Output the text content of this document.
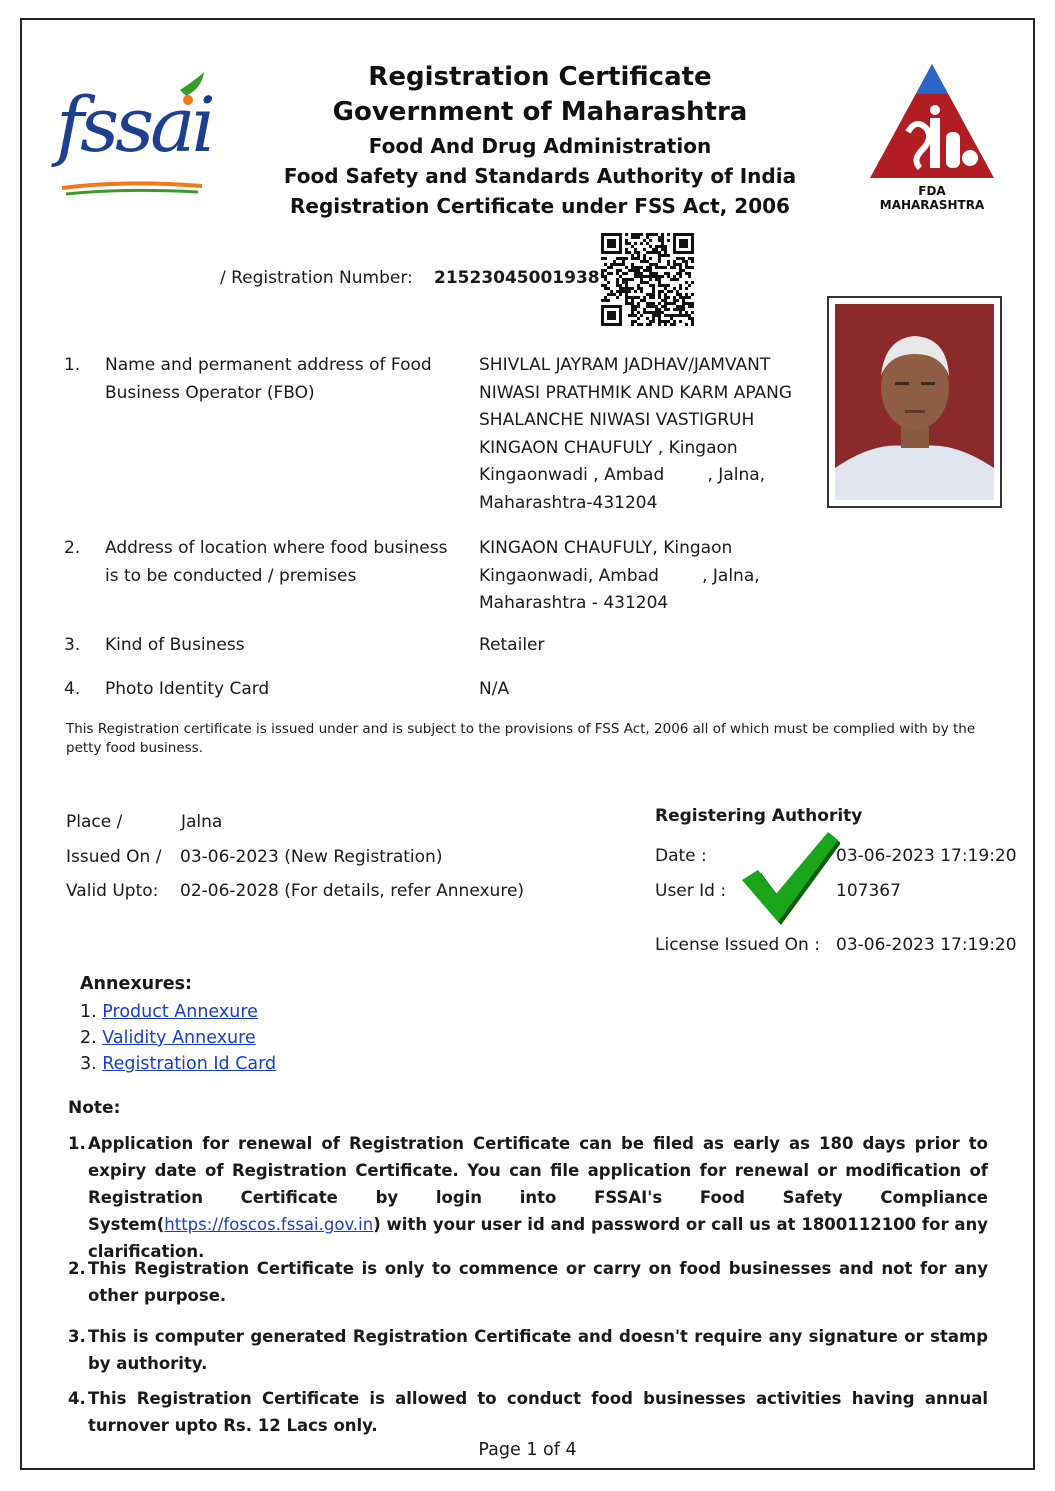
fssai
Registration Certificate
Government of Maharashtra
Food And Drug Administration
Food Safety and Standards Authority of India
Registration Certificate under FSS Act, 2006
FDA MAHARASHTRA
/ Registration Number: 21523045001938
1. Name and permanent address of Food Business Operator (FBO)
SHIVLAL JAYRAM JADHAV/JAMVANT
NIWASI PRATHMIK AND KARM APANG
SHALANCHE NIWASI VASTIGRUH
KINGAON CHAUFULY , Kingaon
Kingaonwadi , Ambad        , Jalna,
Maharashtra-431204
2. Address of location where food business is to be conducted / premises
KINGAON CHAUFULY, Kingaon
Kingaonwadi, Ambad        , Jalna,
Maharashtra - 431204
3. Kind of Business	Retailer
4. Photo Identity Card	N/A
This Registration certificate is issued under and is subject to the provisions of FSS Act, 2006 all of which must be complied with by the petty food business.
Place /	Jalna
Issued On / 03-06-2023 (New Registration)
Valid Upto: 02-06-2028 (For details, refer Annexure)
Registering Authority
Date :	03-06-2023 17:19:20
User Id :	107367
License Issued On : 03-06-2023 17:19:20
Annexures:
1. Product Annexure
2. Validity Annexure
3. Registration Id Card
Note:
1. Application for renewal of Registration Certificate can be filed as early as 180 days prior to expiry date of Registration Certificate. You can file application for renewal or modification of Registration Certificate by login into FSSAI's Food Safety Compliance System(https://foscos.fssai.gov.in) with your user id and password or call us at 1800112100 for any clarification.
2. This Registration Certificate is only to commence or carry on food businesses and not for any other purpose.
3. This is computer generated Registration Certificate and doesn't require any signature or stamp by authority.
4. This Registration Certificate is allowed to conduct food businesses activities having annual turnover upto Rs. 12 Lacs only.
Page 1 of 4
